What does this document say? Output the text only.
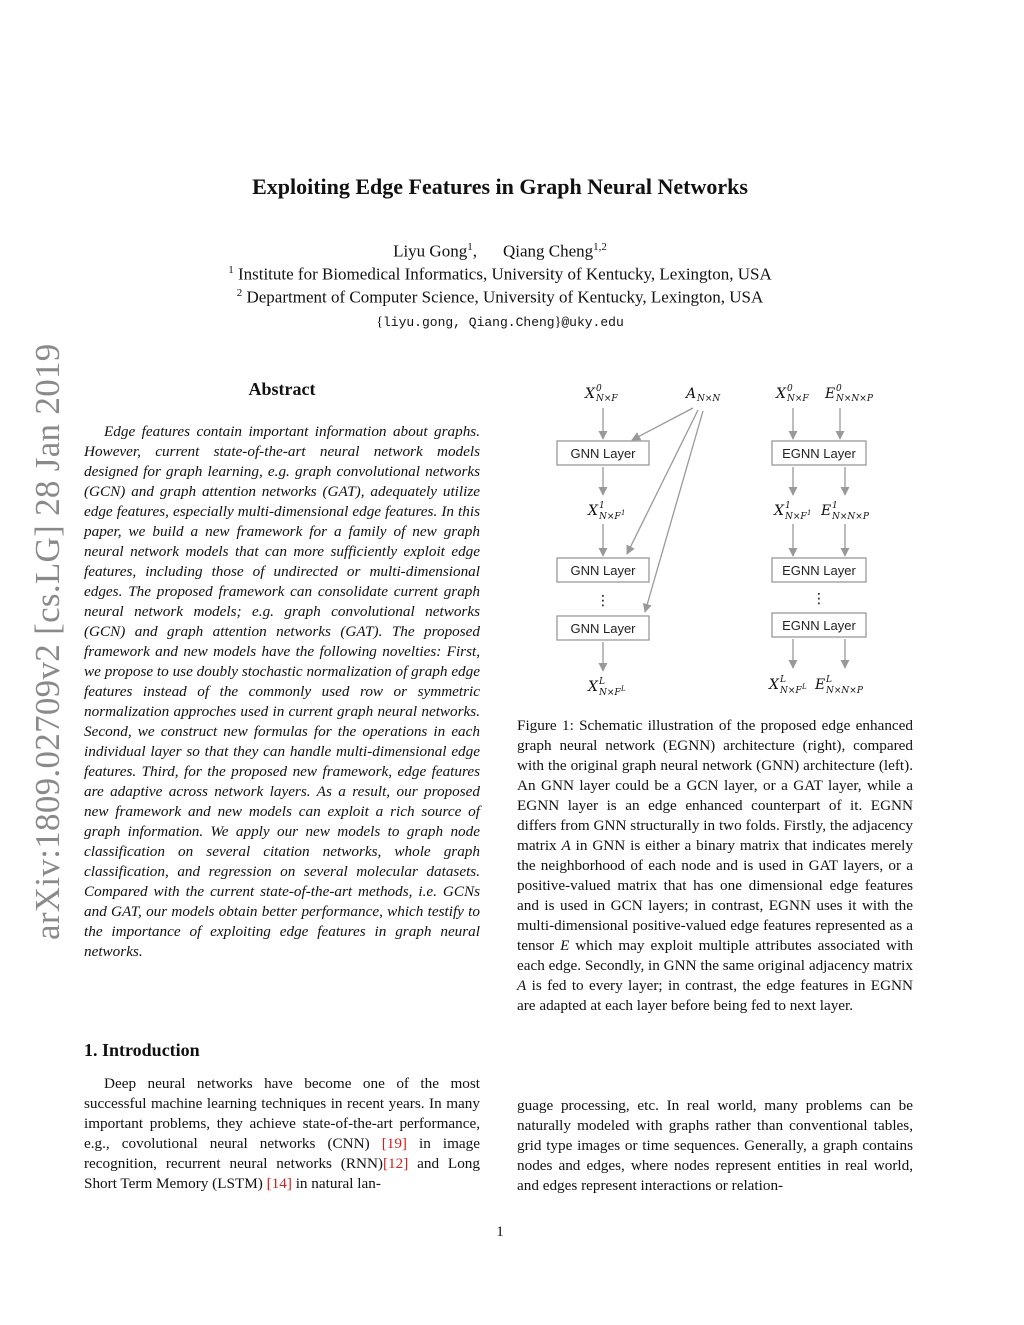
arXiv:1809.02709v2 [cs.LG] 28 Jan 2019
Exploiting Edge Features in Graph Neural Networks
Liyu Gong$^1$, Qiang Cheng$^{1,2}$
$^1$ Institute for Biomedical Informatics, University of Kentucky, Lexington, USA
$^2$ Department of Computer Science, University of Kentucky, Lexington, USA
{liyu.gong, Qiang.Cheng}@uky.edu
Abstract

Edge features contain important information about graphs. However, current state-of-the-art neural network models designed for graph learning, e.g. graph convolutional networks (GCN) and graph attention networks (GAT), adequately utilize edge features, especially multi-dimensional edge features. In this paper, we build a new framework for a family of new graph neural network models that can more sufficiently exploit edge features, including those of undirected or multi-dimensional edges. The proposed framework can consolidate current graph neural network models; e.g. graph convolutional networks (GCN) and graph attention networks (GAT). The proposed framework and new models have the following novelties: First, we propose to use doubly stochastic normalization of graph edge features instead of the commonly used row or symmetric normalization approches used in current graph neural networks. Second, we construct new formulas for the operations in each individual layer so that they can handle multi-dimensional edge features. Third, for the proposed new framework, edge features are adaptive across network layers. As a result, our proposed new framework and new models can exploit a rich source of graph information. We apply our new models to graph node classification on several citation networks, whole graph classification, and regression on several molecular datasets. Compared with the current state-of-the-art methods, i.e. GCNs and GAT, our models obtain better performance, which testify to the importance of exploiting edge features in graph neural networks.

1. Introduction

Deep neural networks have become one of the most successful machine learning techniques in recent years. In many important problems, they achieve state-of-the-art performance, e.g., covolutional neural networks (CNN) [19] in image recognition, recurrent neural networks (RNN)[12] and Long Short Term Memory (LSTM) [14] in natural lan-

X 0
N×F	A N×N
GNN Layer
X 1
N×F 1
GNN Layer
⋮
GNN Layer
X L
N×F L
X 0
N×F E 0
N×N×P
EGNN Layer
X 1
N×F 1 E 1
N×N×P
EGNN Layer
⋮
EGNN Layer
X L
N×F L E L
N×N×P

Figure 1: Schematic illustration of the proposed edge enhanced graph neural network (EGNN) architecture (right), compared with the original graph neural network (GNN) architecture (left). An GNN layer could be a GCN layer, or a GAT layer, while a EGNN layer is an edge enhanced counterpart of it. EGNN differs from GNN structurally in two folds. Firstly, the adjacency matrix A in GNN is either a binary matrix that indicates merely the neighborhood of each node and is used in GAT layers, or a positive-valued matrix that has one dimensional edge features and is used in GCN layers; in contrast, EGNN uses it with the multi-dimensional positive-valued edge features represented as a tensor E which may exploit multiple attributes associated with each edge. Secondly, in GNN the same original adjacency matrix A is fed to every layer; in contrast, the edge features in EGNN are adapted at each layer before being fed to next layer.

guage processing, etc. In real world, many problems can be naturally modeled with graphs rather than conventional tables, grid type images or time sequences. Generally, a graph contains nodes and edges, where nodes represent entities in real world, and edges represent interactions or relation-

1
